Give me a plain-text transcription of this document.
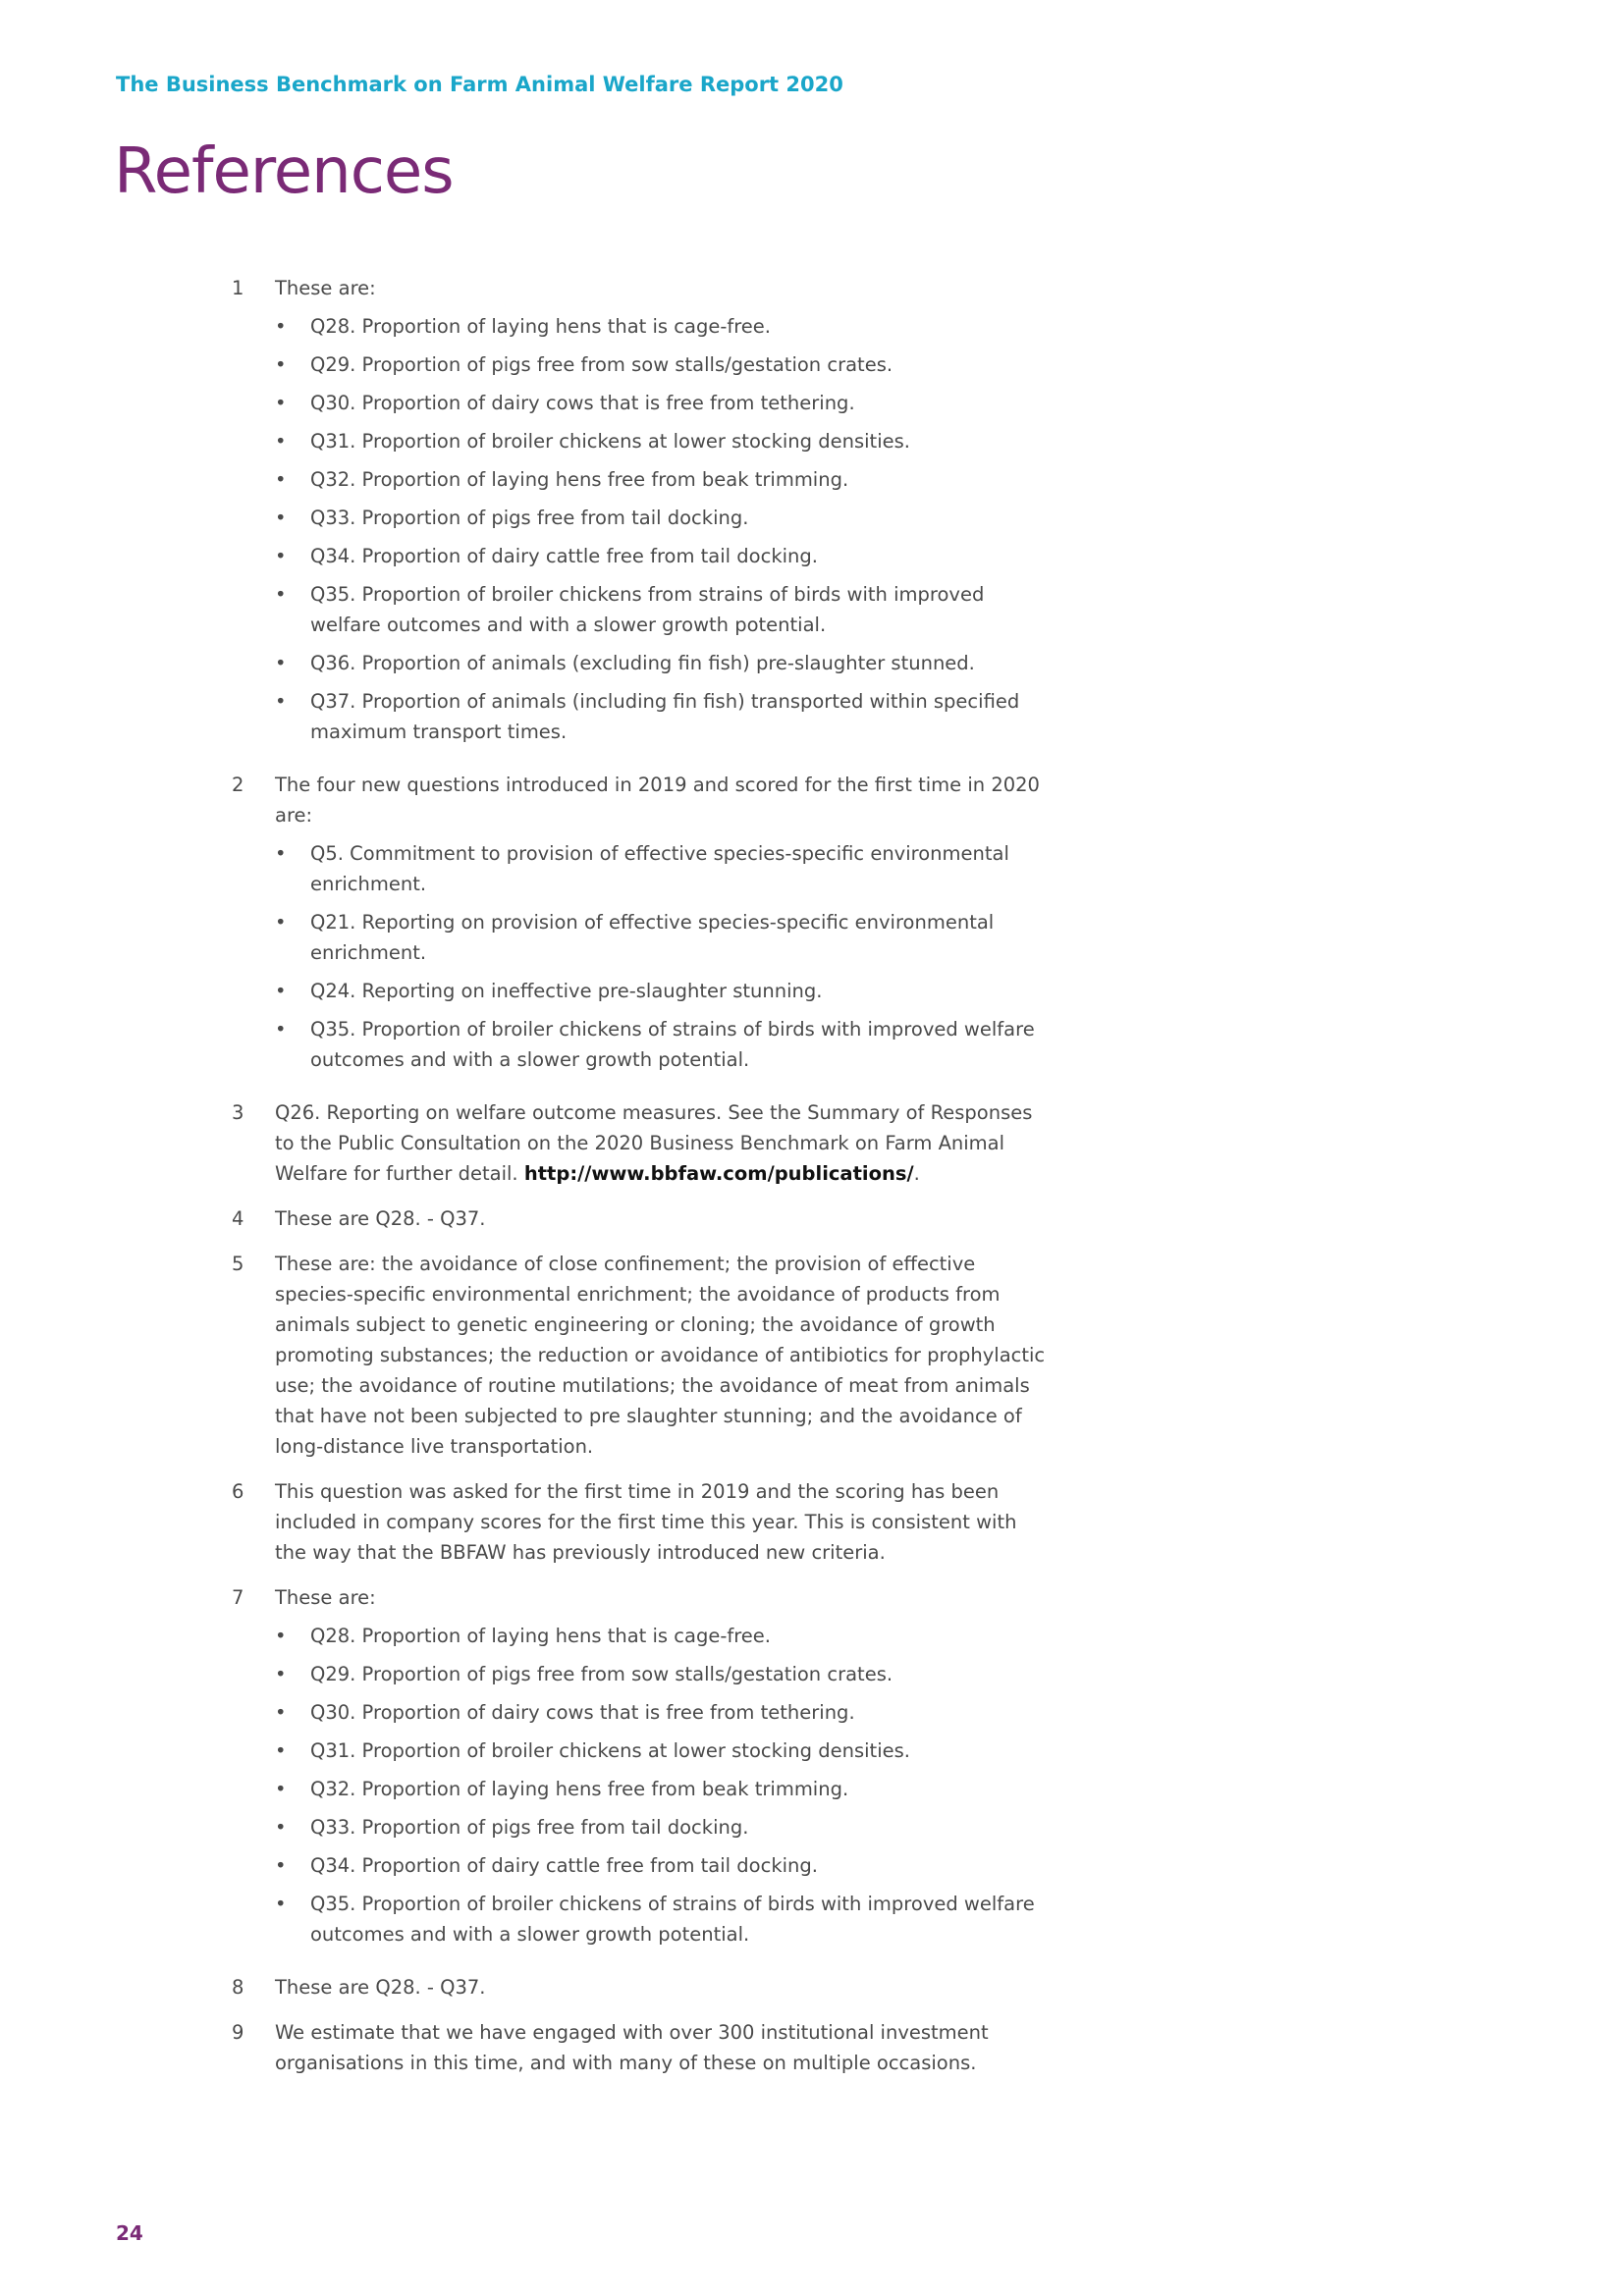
The Business Benchmark on Farm Animal Welfare Report 2020
References
1	These are:

•	Q28. Proportion of laying hens that is cage-free.
•	Q29. Proportion of pigs free from sow stalls/gestation crates.
•	Q30. Proportion of dairy cows that is free from tethering.
•	Q31. Proportion of broiler chickens at lower stocking densities.
•	Q32. Proportion of laying hens free from beak trimming.
•	Q33. Proportion of pigs free from tail docking.
•	Q34. Proportion of dairy cattle free from tail docking.
•	Q35. Proportion of broiler chickens from strains of birds with improved welfare outcomes and with a slower growth potential.
•	Q36. Proportion of animals (excluding fin fish) pre-slaughter stunned.
•	Q37. Proportion of animals (including fin fish) transported within specified maximum transport times.
2	The four new questions introduced in 2019 and scored for the first time in 2020 are:

•	Q5. Commitment to provision of effective species-specific environmental enrichment.
•	Q21. Reporting on provision of effective species-specific environmental enrichment.
•	Q24. Reporting on ineffective pre-slaughter stunning.
•	Q35. Proportion of broiler chickens of strains of birds with improved welfare outcomes and with a slower growth potential.
3	Q26. Reporting on welfare outcome measures. See the Summary of Responses to the Public Consultation on the 2020 Business Benchmark on Farm Animal Welfare for further detail. http://www.bbfaw.com/publications/.
4	These are Q28. - Q37.
5	These are: the avoidance of close confinement; the provision of effective species-specific environmental enrichment; the avoidance of products from animals subject to genetic engineering or cloning; the avoidance of growth promoting substances; the reduction or avoidance of antibiotics for prophylactic use; the avoidance of routine mutilations; the avoidance of meat from animals that have not been subjected to pre slaughter stunning; and the avoidance of long-distance live transportation.
6	This question was asked for the first time in 2019 and the scoring has been included in company scores for the first time this year. This is consistent with the way that the BBFAW has previously introduced new criteria.
7	These are:

•	Q28. Proportion of laying hens that is cage-free.
•	Q29. Proportion of pigs free from sow stalls/gestation crates.
•	Q30. Proportion of dairy cows that is free from tethering.
•	Q31. Proportion of broiler chickens at lower stocking densities.
•	Q32. Proportion of laying hens free from beak trimming.
•	Q33. Proportion of pigs free from tail docking.
•	Q34. Proportion of dairy cattle free from tail docking.
•	Q35. Proportion of broiler chickens of strains of birds with improved welfare outcomes and with a slower growth potential.
8	These are Q28. - Q37.
9	We estimate that we have engaged with over 300 institutional investment organisations in this time, and with many of these on multiple occasions.
24
